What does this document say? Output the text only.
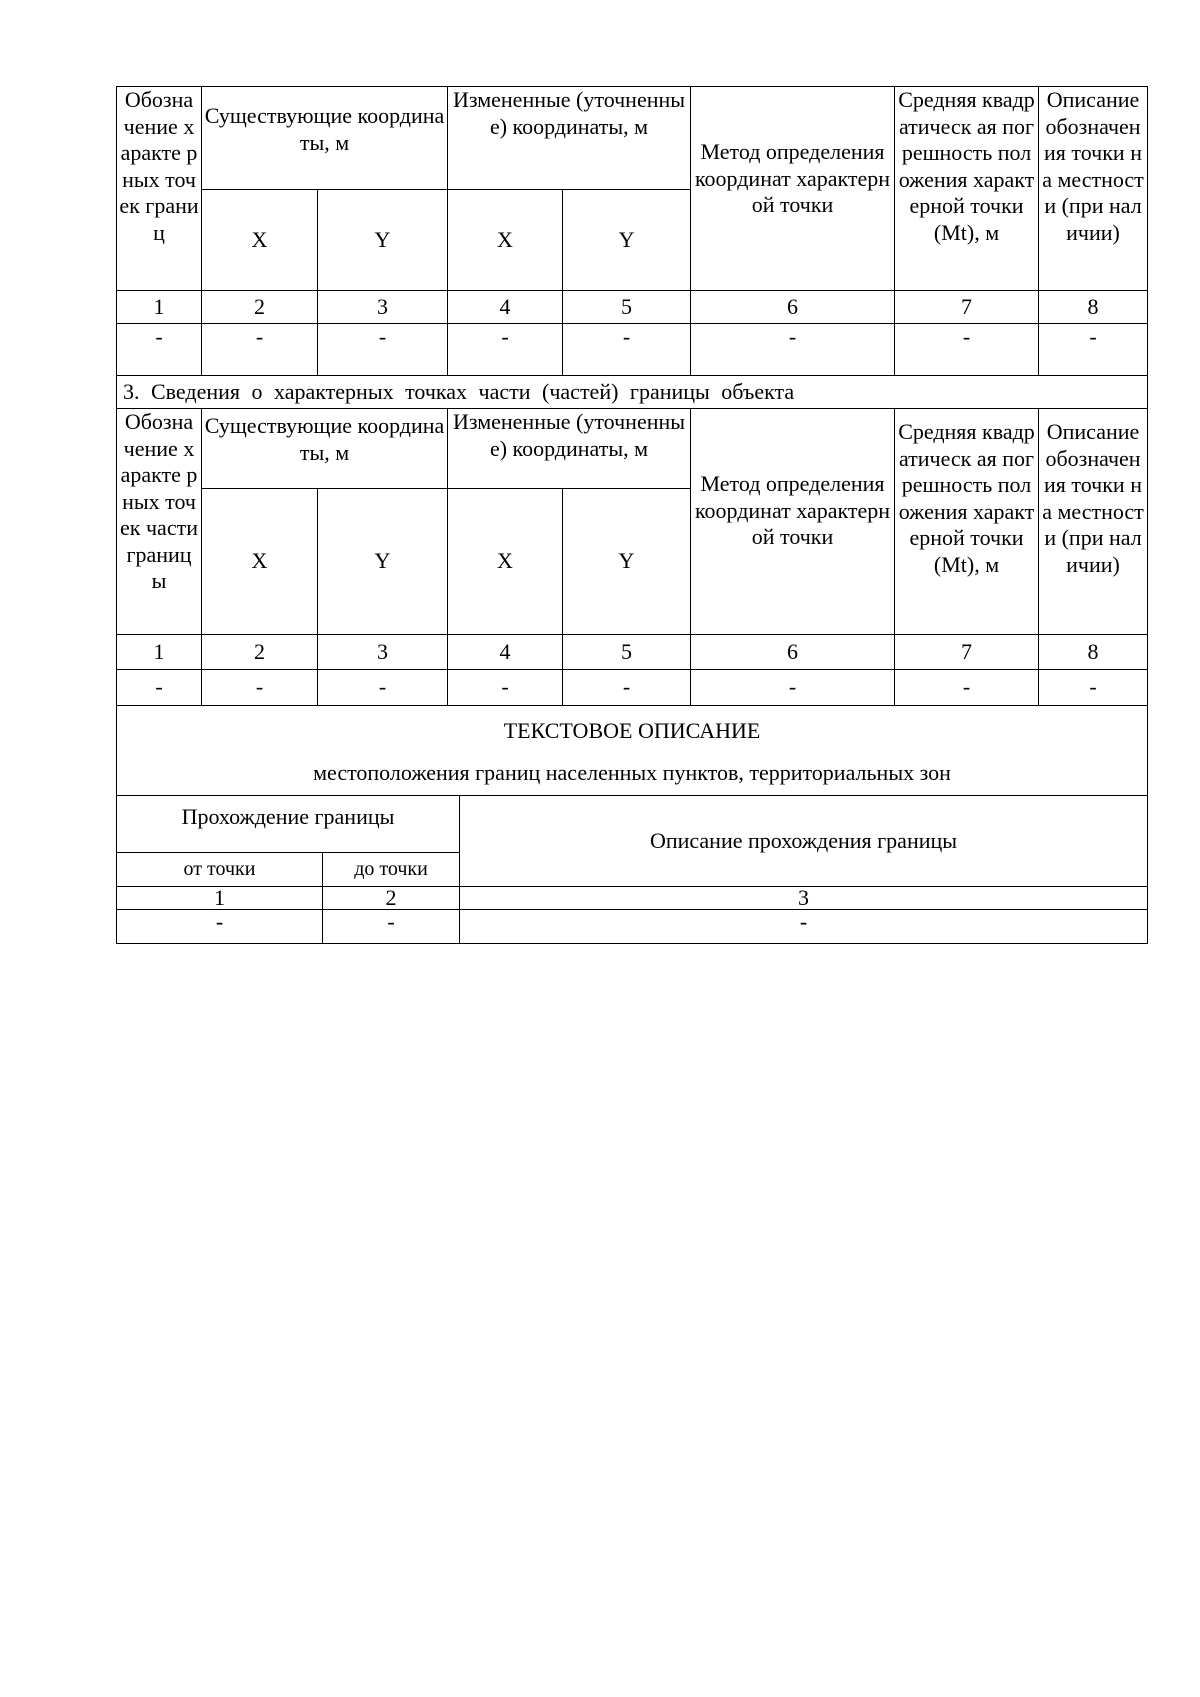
Обозна чение характе рных точек границ	Существующие координаты, м		Измененные (уточненные) координаты, м		Метод определения координат характерной точки	Средняя квадратическ ая погрешность положения характерной точки (Mt), м	Описание обозначен ия точки на местности (при наличии)
	X	Y	X	Y			
1	2	3	4	5	6	7	8
-	-	-	-	-	-	-	-
3. Сведения о характерных точках части (частей) границы объекта							
Обозна чение характе рных точек части границ ы	Существующие координаты, м		Измененные (уточненные) координаты, м		Метод определения координат характерной точки	Средняя квадратическ ая погрешность положения характерной точки (Mt), м	Описание обозначен ия точки на местности (при наличии)
	X	Y	X	Y			
1	2	3	4	5	6	7	8
-	-	-	-	-	-	-	-
ТЕКСТОВОЕ ОПИСАНИЕ
местоположения границ населенных пунктов, территориальных зон		

Прохождение границы		Описание прохождения границы
от точки	до точки	
1	2	3
-	-	-
